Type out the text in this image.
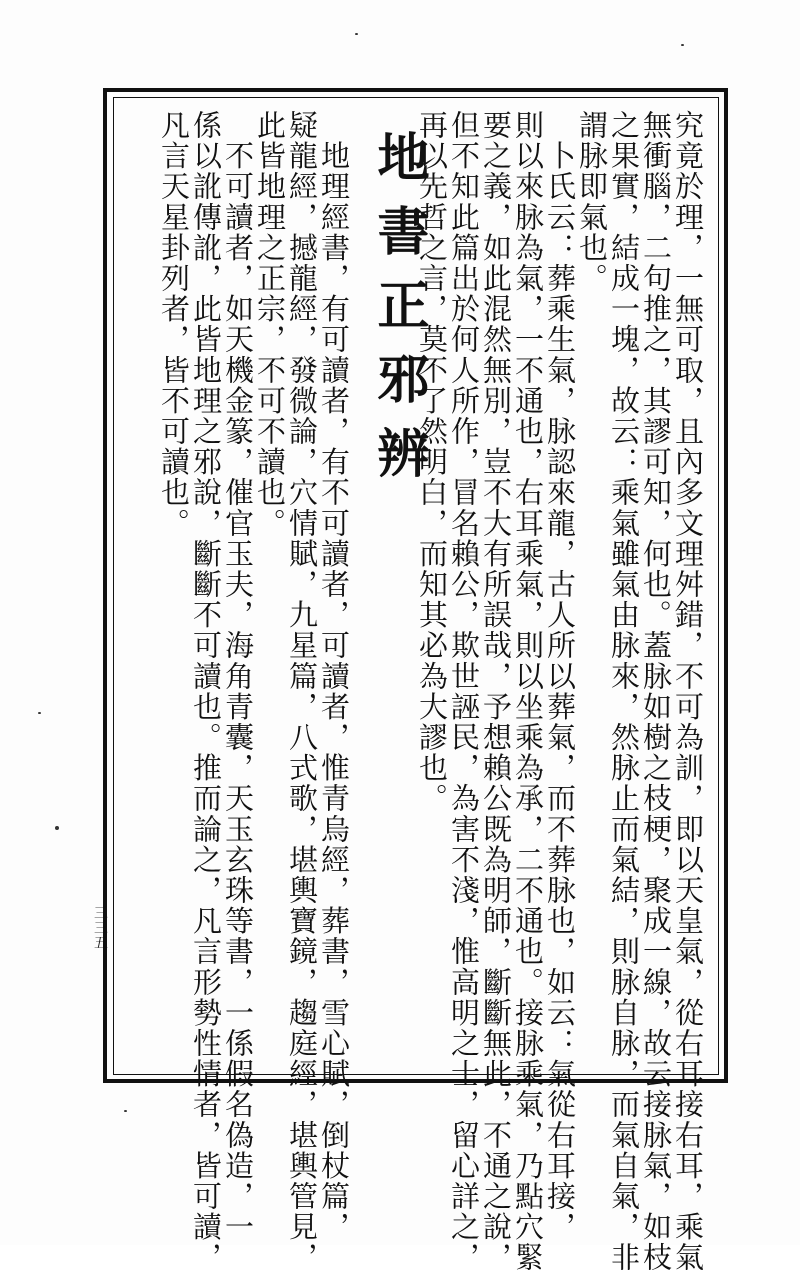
究竟於理，一無可取，且內多文理舛錯，不可為訓，即以天皇氣，從右耳接右耳，乘氣
無衝腦，二句推之，其謬可知，何也。蓋脉如樹之枝梗，聚成一線，故云接脉氣，如枝
之果實，結成一塊，故云：乘氣雖氣由脉來，然脉止而氣結，則脉自脉，而氣自氣，非
謂脉即氣也。
　卜氏云：葬乘生氣，脉認來龍，古人所以葬氣，而不葬脉也，如云：氣從右耳接，
則以來脉為氣，一不通也，右耳乘氣，則以坐乘為承，二不通也。接脉乘氣，乃點穴緊
要之義，如此混然無別，豈不大有所誤哉，予想賴公既為明師，斷斷無此，不通之說，
但不知此篇出於何人所作，冒名賴公，欺世誣民，為害不淺，惟高明之士，留心詳之，
再以先哲之言，莫不了然明白，而知其必為大謬也。
地書正邪辨
　地理經書，有可讀者，有不可讀者，可讀者，惟青烏經，葬書，雪心賦，倒杖篇，
疑龍經，撼龍經，發微論，穴情賦，九星篇，八式歌，堪輿寶鏡，趨庭經，堪輿管見，
此皆地理之正宗，不可不讀也。
　不可讀者，如天機金篆，催官玉夫，海角青囊，天玉玄珠等書，一係假名偽造，一
係以訛傳訛，此皆地理之邪說，斷斷不可讀也。推而論之，凡言形勢性情者，皆可讀，
凡言天星卦列者，皆不可讀也。
三三五
